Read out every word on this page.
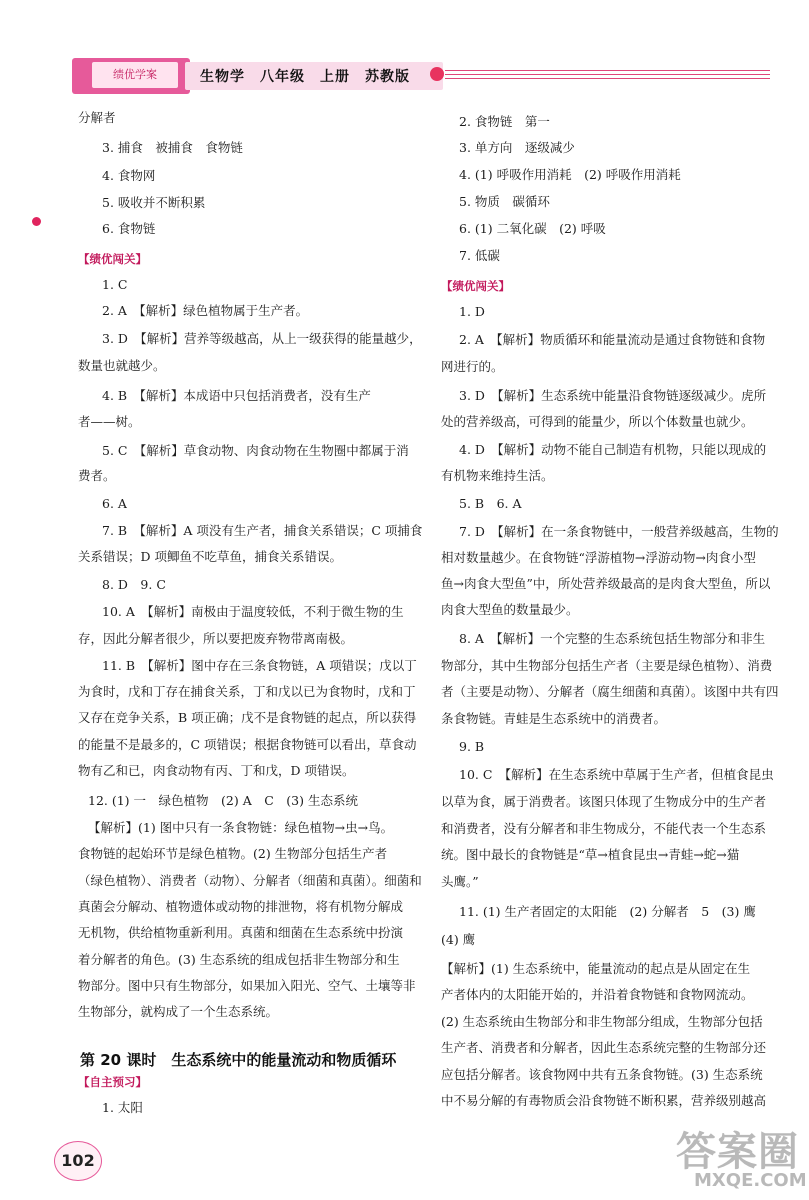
绩优学案	生物学　八年级　上册　苏教版
分解者
3. 捕食　被捕食　食物链
4. 食物网
5. 吸收并不断积累
6. 食物链
【绩优闯关】
1. C
2. A　【解析】绿色植物属于生产者。
3. D　【解析】营养等级越高，从上一级获得的能量越少，
数量也就越少。
4. B　【解析】本成语中只包括消费者，没有生产
者——树。
5. C　【解析】草食动物、肉食动物在生物圈中都属于消
费者。
6. A
7. B　【解析】A 项没有生产者，捕食关系错误；C 项捕食
关系错误；D 项鲫鱼不吃草鱼，捕食关系错误。
8. D　9. C
10. A　【解析】南极由于温度较低，不利于微生物的生
存，因此分解者很少，所以要把废弃物带离南极。
11. B　【解析】图中存在三条食物链，A 项错误；戊以丁
为食时，戊和丁存在捕食关系，丁和戊以已为食物时，戊和丁
又存在竞争关系，B 项正确；戊不是食物链的起点，所以获得
的能量不是最多的，C 项错误；根据食物链可以看出，草食动
物有乙和已，肉食动物有丙、丁和戊，D 项错误。
12. (1) 一　绿色植物　(2) A　C　(3) 生态系统
【解析】(1) 图中只有一条食物链：绿色植物→虫→鸟。
食物链的起始环节是绿色植物。(2) 生物部分包括生产者
（绿色植物）、消费者（动物）、分解者（细菌和真菌）。细菌和
真菌会分解动、植物遗体或动物的排泄物，将有机物分解成
无机物，供给植物重新利用。真菌和细菌在生态系统中扮演
着分解者的角色。(3) 生态系统的组成包括非生物部分和生
物部分。图中只有生物部分，如果加入阳光、空气、土壤等非
生物部分，就构成了一个生态系统。
【自主预习】
1. 太阳
第 20 课时　生态系统中的能量流动和物质循环
2. 食物链　第一
3. 单方向　逐级减少
4. (1) 呼吸作用消耗　(2) 呼吸作用消耗
5. 物质　碳循环
6. (1) 二氧化碳　(2) 呼吸
7. 低碳
【绩优闯关】
1. D
2. A　【解析】物质循环和能量流动是通过食物链和食物
网进行的。
3. D　【解析】生态系统中能量沿食物链逐级减少。虎所
处的营养级高，可得到的能量少，所以个体数量也就少。
4. D　【解析】动物不能自己制造有机物，只能以现成的
有机物来维持生活。
5. B　6. A
7. D　【解析】在一条食物链中，一般营养级越高，生物的
相对数量越少。在食物链“浮游植物→浮游动物→肉食小型
鱼→肉食大型鱼”中，所处营养级最高的是肉食大型鱼，所以
肉食大型鱼的数量最少。
8. A　【解析】一个完整的生态系统包括生物部分和非生
物部分，其中生物部分包括生产者（主要是绿色植物）、消费
者（主要是动物）、分解者（腐生细菌和真菌）。该图中共有四
条食物链。青蛙是生态系统中的消费者。
9. B
10. C　【解析】在生态系统中草属于生产者，但植食昆虫
以草为食，属于消费者。该图只体现了生物成分中的生产者
和消费者，没有分解者和非生物成分，不能代表一个生态系
统。图中最长的食物链是“草→植食昆虫→青蛙→蛇→猫
头鹰。”
11. (1) 生产者固定的太阳能　(2) 分解者　5　(3) 鹰
(4) 鹰
【解析】(1) 生态系统中，能量流动的起点是从固定在生
产者体内的太阳能开始的，并沿着食物链和食物网流动。
(2) 生态系统由生物部分和非生物部分组成，生物部分包括
生产者、消费者和分解者，因此生态系统完整的生物部分还
应包括分解者。该食物网中共有五条食物链。(3) 生态系统
中不易分解的有毒物质会沿食物链不断积累，营养级别越高
102	答案圈
MXQE.COM
